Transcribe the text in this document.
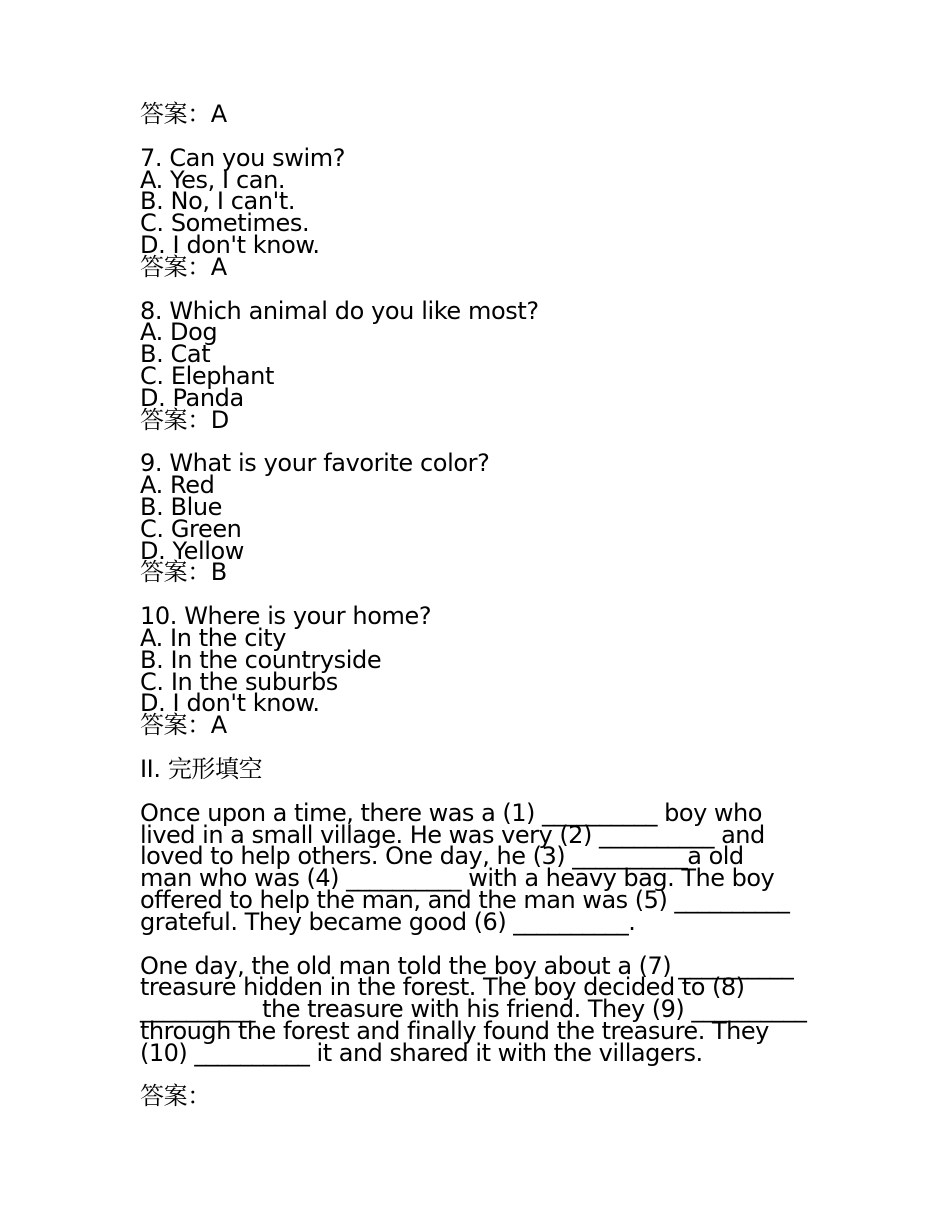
答案：A
7. Can you swim?
A. Yes, I can.
B. No, I can't.
C. Sometimes.
D. I don't know.
答案：A
8. Which animal do you like most?
A. Dog
B. Cat
C. Elephant
D. Panda
答案：D
9. What is your favorite color?
A. Red
B. Blue
C. Green
D. Yellow
答案：B
10. Where is your home?
A. In the city
B. In the countryside
C. In the suburbs
D. I don't know.
答案：A
II. 完形填空
Once upon a time, there was a (1) __________ boy who
lived in a small village. He was very (2) __________ and
loved to help others. One day, he (3) __________a old
man who was (4) __________ with a heavy bag. The boy
offered to help the man, and the man was (5) __________
grateful. They became good (6) __________.
One day, the old man told the boy about a (7) __________
treasure hidden in the forest. The boy decided to (8)
__________ the treasure with his friend. They (9) __________
through the forest and finally found the treasure. They
(10) __________ it and shared it with the villagers.
答案：
